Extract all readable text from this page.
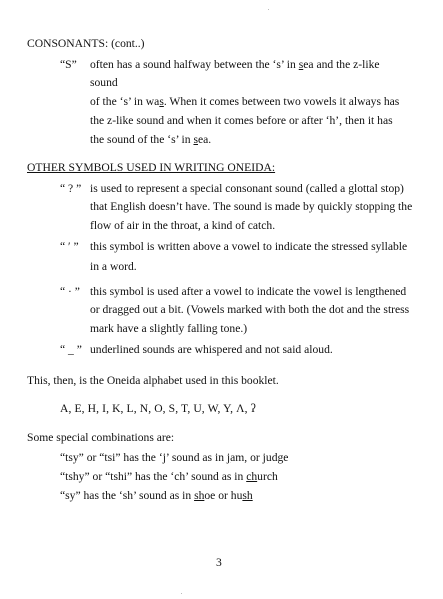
CONSONANTS: (cont..)
“S” often has a sound halfway between the ‘s’ in sea and the z-like
sound
of the ‘s’ in was. When it comes between two vowels it always has
the z-like sound and when it comes before or after ‘h’, then it has
the sound of the ‘s’ in sea.
OTHER SYMBOLS USED IN WRITING ONEIDA:
“ ? ” is used to represent a special consonant sound (called a glottal stop)
that English doesn’t have. The sound is made by quickly stopping the
flow of air in the throat, a kind of catch.
“ ′ ” this symbol is written above a vowel to indicate the stressed syllable
in a word.
“ · ” this symbol is used after a vowel to indicate the vowel is lengthened
or dragged out a bit. (Vowels marked with both the dot and the stress
mark have a slightly falling tone.)
“ _ ” underlined sounds are whispered and not said aloud.
This, then, is the Oneida alphabet used in this booklet.
A, E, H, I, K, L, N, O, S, T, U, W, Y, Λ, ʔ
Some special combinations are:
“tsy” or “tsi” has the ‘j’ sound as in jam, or judge
“tshy” or “tshi” has the ‘ch’ sound as in church
“sy” has the ‘sh’ sound as in shoe or hush
3
